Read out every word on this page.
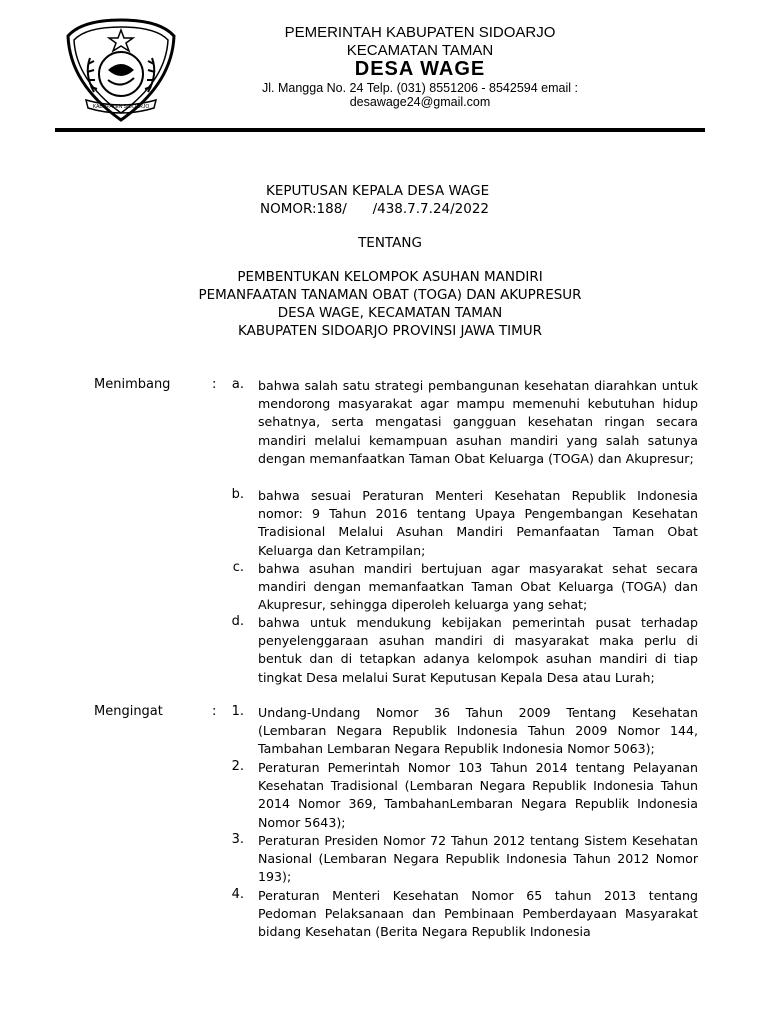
KABUPATEN SIDOARJO
PEMERINTAH KABUPATEN SIDOARJO
KECAMATAN TAMAN
DESA WAGE
Jl. Mangga No. 24 Telp. (031) 8551206 - 8542594 email :
desawage24@gmail.com
KEPUTUSAN KEPALA DESA WAGE
NOMOR:188/      /438.7.7.24/2022
TENTANG
PEMBENTUKAN KELOMPOK ASUHAN MANDIRI
PEMANFAATAN TANAMAN OBAT (TOGA) DAN AKUPRESUR
DESA WAGE, KECAMATAN TAMAN
KABUPATEN SIDOARJO PROVINSI JAWA TIMUR
Menimbang	:	a. bahwa salah satu strategi pembangunan kesehatan diarahkan untuk mendorong masyarakat agar mampu memenuhi kebutuhan hidup sehatnya, serta mengatasi gangguan kesehatan ringan secara mandiri melalui kemampuan asuhan mandiri yang salah satunya dengan memanfaatkan Taman Obat Keluarga (TOGA) dan Akupresur;
b. bahwa sesuai Peraturan Menteri Kesehatan Republik Indonesia nomor: 9 Tahun 2016 tentang Upaya Pengembangan Kesehatan Tradisional Melalui Asuhan Mandiri Pemanfaatan Taman Obat Keluarga dan Ketrampilan;
c. bahwa asuhan mandiri bertujuan agar masyarakat sehat secara mandiri dengan memanfaatkan Taman Obat Keluarga (TOGA) dan Akupresur, sehingga diperoleh keluarga yang sehat;
d. bahwa untuk mendukung kebijakan pemerintah pusat terhadap penyelenggaraan asuhan mandiri di masyarakat maka perlu di bentuk dan di tetapkan adanya kelompok asuhan mandiri di tiap tingkat Desa melalui Surat Keputusan Kepala Desa atau Lurah;
Mengingat	:	1. Undang-Undang Nomor 36 Tahun 2009 Tentang Kesehatan (Lembaran Negara Republik Indonesia Tahun 2009 Nomor 144, Tambahan Lembaran Negara Republik Indonesia Nomor 5063);
2. Peraturan Pemerintah Nomor 103 Tahun 2014 tentang Pelayanan Kesehatan Tradisional (Lembaran Negara Republik Indonesia Tahun 2014 Nomor 369, TambahanLembaran Negara Republik Indonesia Nomor 5643);
3. Peraturan Presiden Nomor 72 Tahun 2012 tentang Sistem Kesehatan Nasional (Lembaran Negara Republik Indonesia Tahun 2012 Nomor 193);
4. Peraturan Menteri Kesehatan Nomor 65 tahun 2013 tentang Pedoman Pelaksanaan dan Pembinaan Pemberdayaan Masyarakat bidang Kesehatan (Berita Negara Republik Indonesia
